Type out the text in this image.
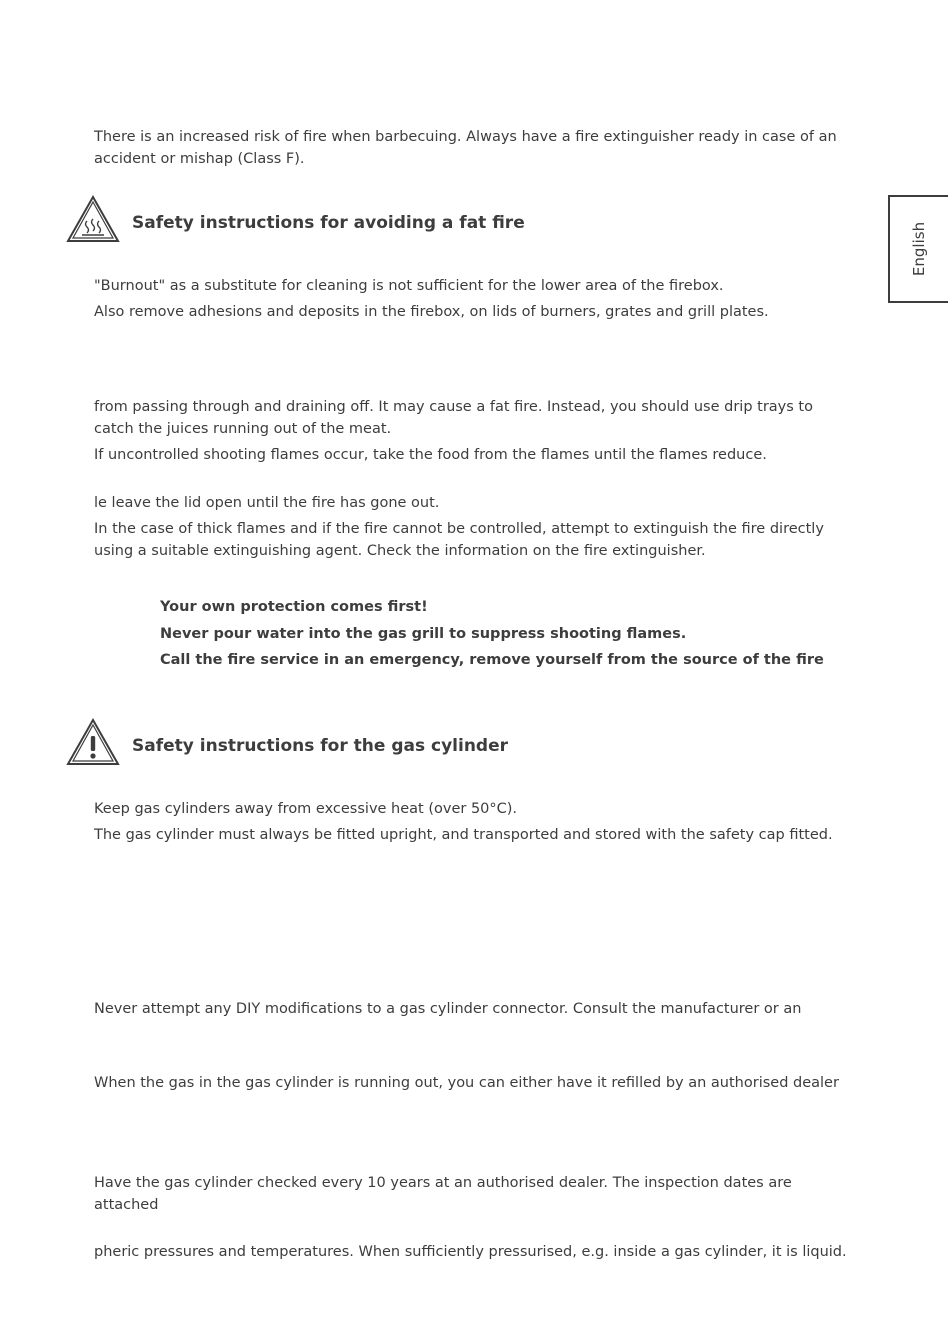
English

There is an increased risk of fire when barbecuing. Always have a fire extinguisher ready in case of an accident or mishap (Class F).

Safety instructions for avoiding a fat fire

"Burnout" as a substitute for cleaning is not sufficient for the lower area of the firebox.

Also remove adhesions and deposits in the firebox, on lids of burners, grates and grill plates.

from passing through and draining off. It may cause a fat fire. Instead, you should use drip trays to catch the juices running out of the meat.

If uncontrolled shooting flames occur, take the food from the flames until the flames reduce.

le leave the lid open until the fire has gone out.

In the case of thick flames and if the fire cannot be controlled, attempt to extinguish the fire directly using a suitable extinguishing agent. Check the information on the fire extinguisher.

Your own protection comes first!

Never pour water into the gas grill to suppress shooting flames.

Call the fire service in an emergency, remove yourself from the source of the fire

Safety instructions for the gas cylinder

Keep gas cylinders away from excessive heat (over 50°C).

The gas cylinder must always be fitted upright, and transported and stored with the safety cap fitted.

Never attempt any DIY modifications to a gas cylinder connector. Consult the manufacturer or an

When the gas in the gas cylinder is running out, you can either have it refilled by an authorised dealer

Have the gas cylinder checked every 10 years at an authorised dealer. The inspection dates are attached

pheric pressures and temperatures. When sufficiently pressurised, e.g. inside a gas cylinder, it is liquid.
